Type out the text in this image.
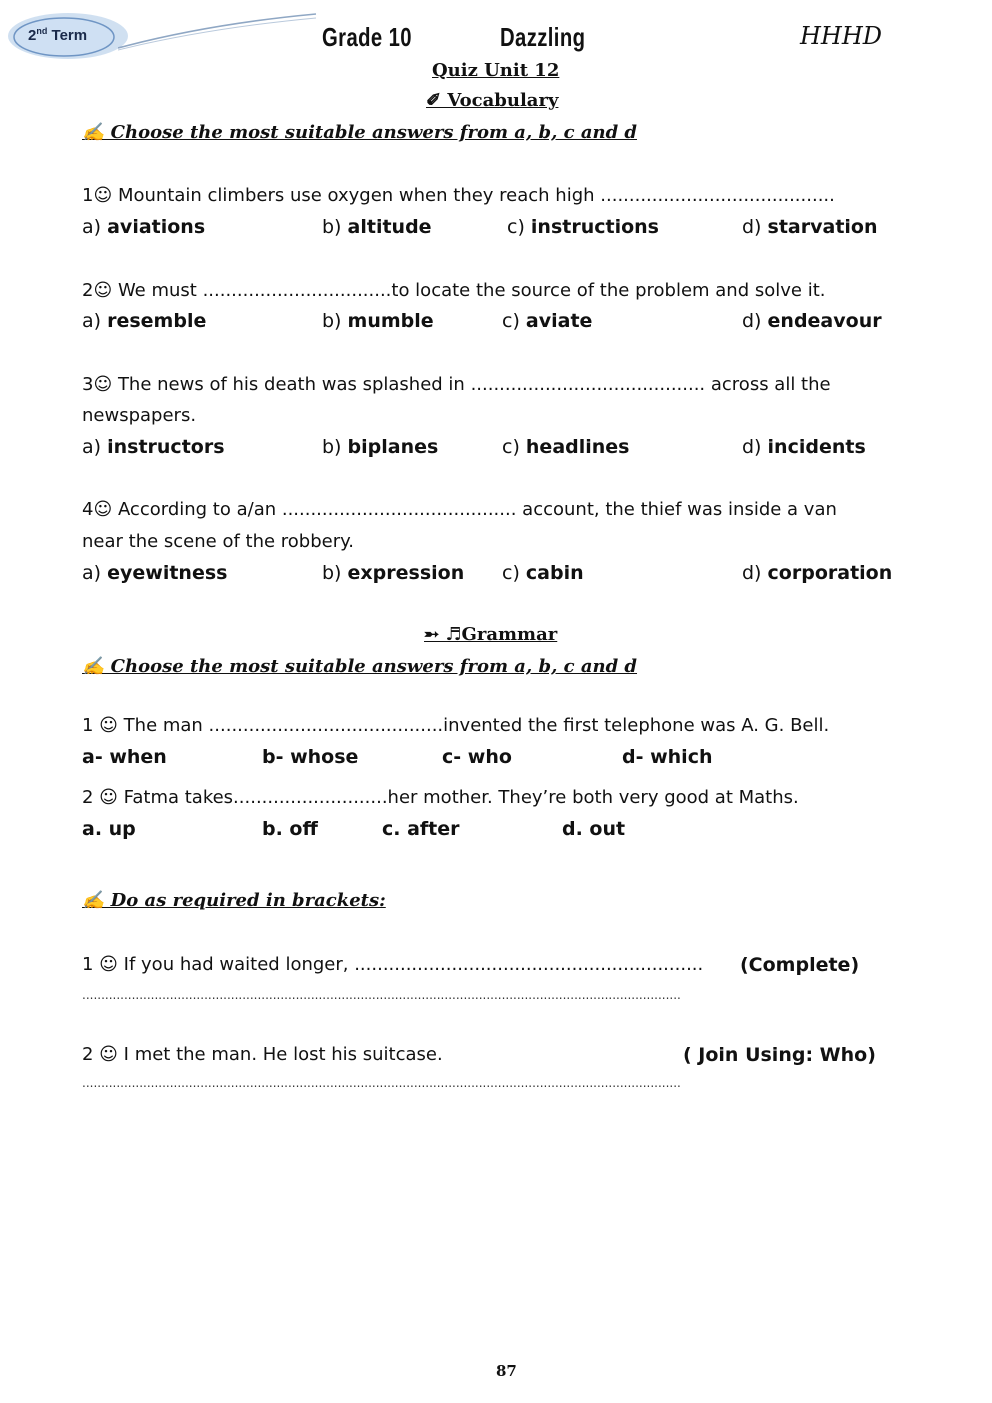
2nd Term	Grade 10	Dazzling	HHHD
Quiz Unit 12
✐ Vocabulary
✍ Choose the most suitable answers from a, b, c and d
1☺ Mountain climbers use oxygen when they reach high .........................................
a) aviations	b) altitude	c) instructions	d) starvation
2☺ We must .................................to locate the source of the problem and solve it.
a) resemble	b) mumble	c) aviate	d) endeavour
3☺ The news of his death was splashed in ......................................... across all the
newspapers.
a) instructors	b) biplanes	c) headlines	d) incidents
4☺ According to a/an ......................................... account, the thief was inside a van
near the scene of the robbery.
a) eyewitness	b) expression c) cabin	d) corporation
➵ ♬Grammar
✍ Choose the most suitable answers from a, b, c and d
1 ☺ The man .........................................invented the first telephone was A. G. Bell.
a- when	b- whose	c- who	d- which
2 ☺ Fatma takes...........................her mother. They’re both very good at Maths.
a. up	b. off	c. after	d. out
✍ Do as required in brackets:
1 ☺ If you had waited longer, ............................................................. (Complete)
.............................................................................................................................................................
2 ☺ I met the man. He lost his suitcase.	( Join Using: Who)
.............................................................................................................................................................
87
